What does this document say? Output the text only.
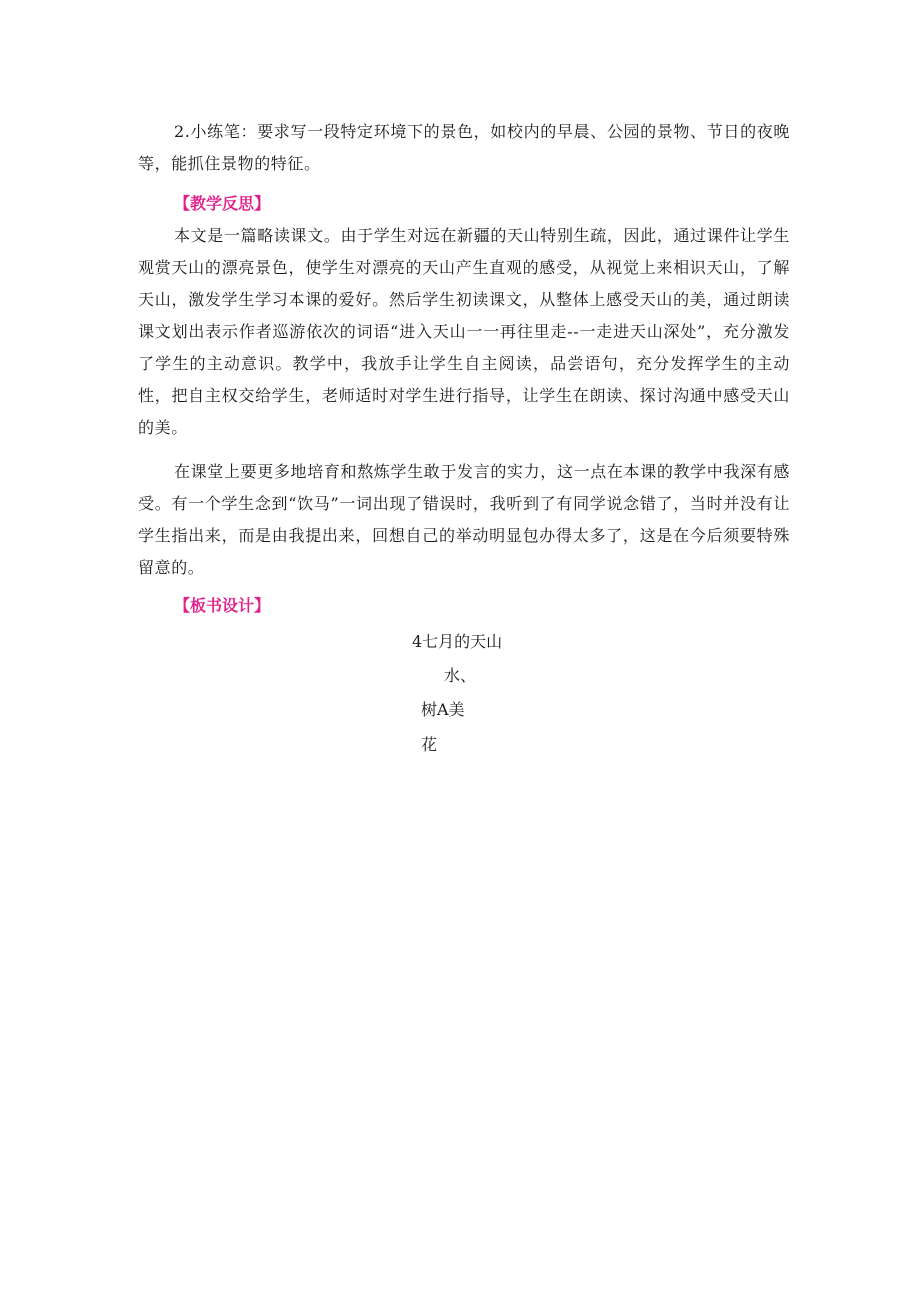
2.小练笔：要求写一段特定环境下的景色，如校内的早晨、公园的景物、节日的夜晚等，能抓住景物的特征。

【教学反思】

本文是一篇略读课文。由于学生对远在新疆的天山特别生疏，因此，通过课件让学生观赏天山的漂亮景色，使学生对漂亮的天山产生直观的感受，从视觉上来相识天山，了解天山，激发学生学习本课的爱好。然后学生初读课文，从整体上感受天山的美，通过朗读课文划出表示作者巡游依次的词语“进入天山一一再往里走--一走进天山深处”，充分激发了学生的主动意识。教学中，我放手让学生自主阅读，品尝语句，充分发挥学生的主动性，把自主权交给学生，老师适时对学生进行指导，让学生在朗读、探讨沟通中感受天山的美。

在课堂上要更多地培育和熬炼学生敢于发言的实力，这一点在本课的教学中我深有感受。有一个学生念到“饮马”一词出现了错误时，我听到了有同学说念错了，当时并没有让学生指出来，而是由我提出来，回想自己的举动明显包办得太多了，这是在今后须要特殊留意的。

【板书设计】

4七月的天山

水、

树A美

花
